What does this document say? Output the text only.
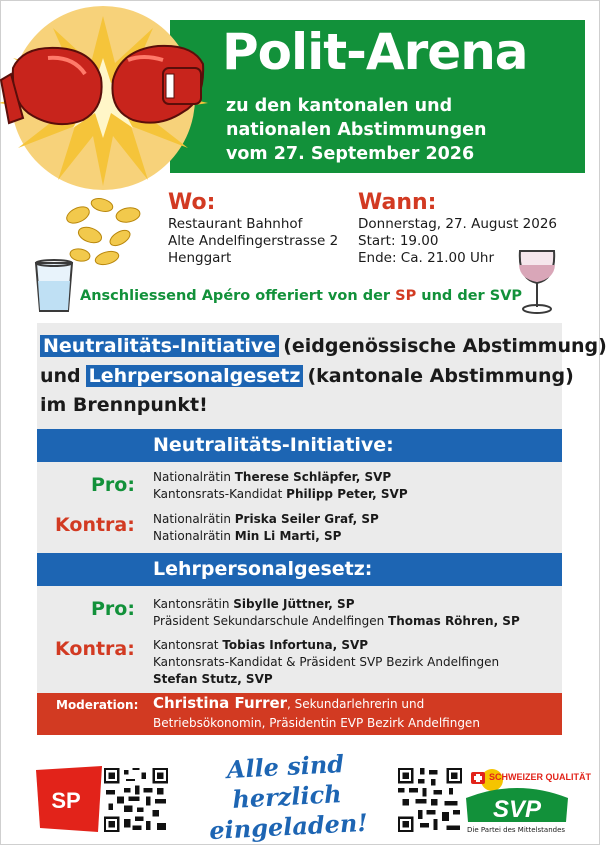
Polit-Arena
zu den kantonalen und
nationalen Abstimmungen
vom 27. September 2026
Wo:
Restaurant Bahnhof
Alte Andelfingerstrasse 2
Henggart
Wann:
Donnerstag, 27. August 2026
Start: 19.00
Ende: Ca. 21.00 Uhr
Anschliessend Apéro offeriert von der SP und der SVP
Neutralitäts-Initiative (eidgenössische Abstimmung)
und Lehrpersonalgesetz (kantonale Abstimmung)
im Brennpunkt!
Neutralitäts-Initiative:
Pro: Nationalrätin Therese Schläpfer, SVP
Kantonsrats-Kandidat Philipp Peter, SVP
Kontra: Nationalrätin Priska Seiler Graf, SP
Nationalrätin Min Li Marti, SP
Lehrpersonalgesetz:
Pro: Kantonsrätin Sibylle Jüttner, SP
Präsident Sekundarschule Andelfingen Thomas Röhren, SP
Kontra: Kantonsrat Tobias Infortuna, SVP
Kantonsrats-Kandidat & Präsident SVP Bezirk Andelfingen
Stefan Stutz, SVP
Moderation: Christina Furrer, Sekundarlehrerin und
Betriebsökonomin, Präsidentin EVP Bezirk Andelfingen
SP
Alle sind herzlich
eingeladen!
SCHWEIZER QUALITÄT
SVP
Die Partei des Mittelstandes
